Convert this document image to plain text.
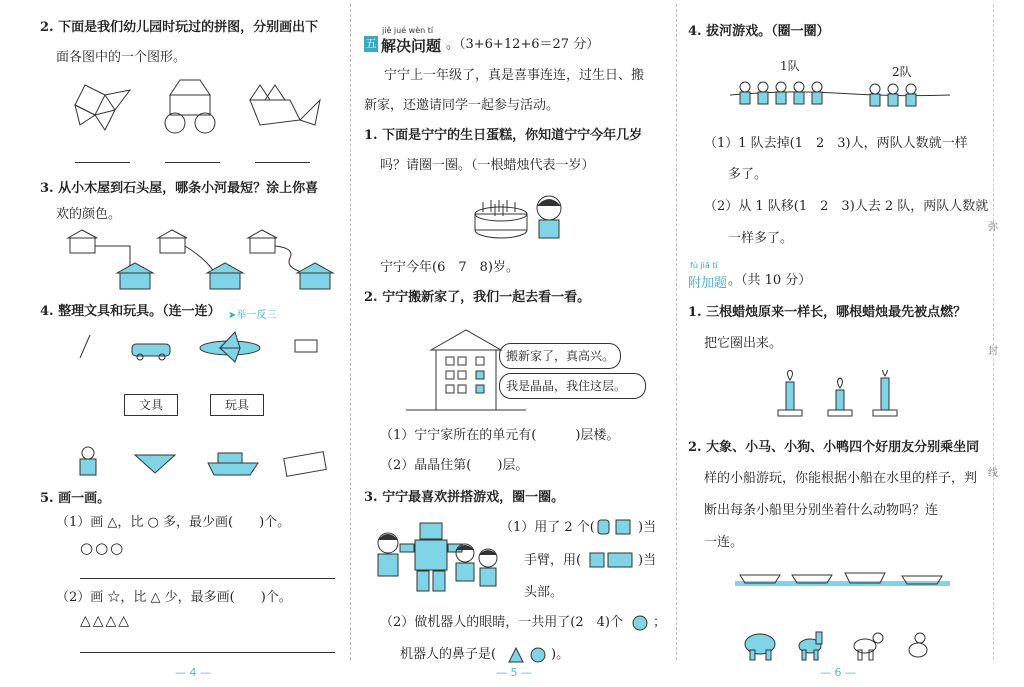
2. 下面是我们幼儿园时玩过的拼图，分别画出下
面各图中的一个图形。
3. 从小木屋到石头屋，哪条小河最短？涂上你喜
欢的颜色。
4. 整理文具和玩具。（连一连） ➤举一反三
文具	玩具
5. 画一画。
（1）画 △，比 ○ 多，最少画(　　)个。
○○○
（2）画 ☆，比 △ 少，最多画(　　)个。
△△△△
— 4 —
jiě jué wèn tí
五 解决问题 。（3+6+12+6＝27 分）
宁宁上一年级了，真是喜事连连，过生日、搬
新家，还邀请同学一起参与活动。
1. 下面是宁宁的生日蛋糕，你知道宁宁今年几岁
吗？请圈一圈。（一根蜡烛代表一岁）
宁宁今年(6　7　8)岁。
2. 宁宁搬新家了，我们一起去看一看。
搬新家了，真高兴。
我是晶晶，我住这层。
（1）宁宁家所在的单元有(　　　)层楼。
（2）晶晶住第(　　)层。
3. 宁宁最喜欢拼搭游戏，圈一圈。
（1）用了 2 个(	)当
手臂，用(	)当
头部。
（2）做机器人的眼睛，一共用了(2　4)个 ；
机器人的鼻子是(	)。
— 5 —
4. 拔河游戏。（圈一圈）
1队	2队
（1）1 队去掉(1　2　3)人，两队人数就一样
多了。
（2）从 1 队移(1　2　3)人去 2 队，两队人数就
一样多了。
fù jiā tí
附加题 。（共 10 分）
1. 三根蜡烛原来一样长，哪根蜡烛最先被点燃？
把它圈出来。
2. 大象、小马、小狗、小鸭四个好朋友分别乘坐同
样的小船游玩，你能根据小船在水里的样子，判
断出每条小船里分别坐着什么动物吗？连
一连。
— 6 —
弥
封
线
